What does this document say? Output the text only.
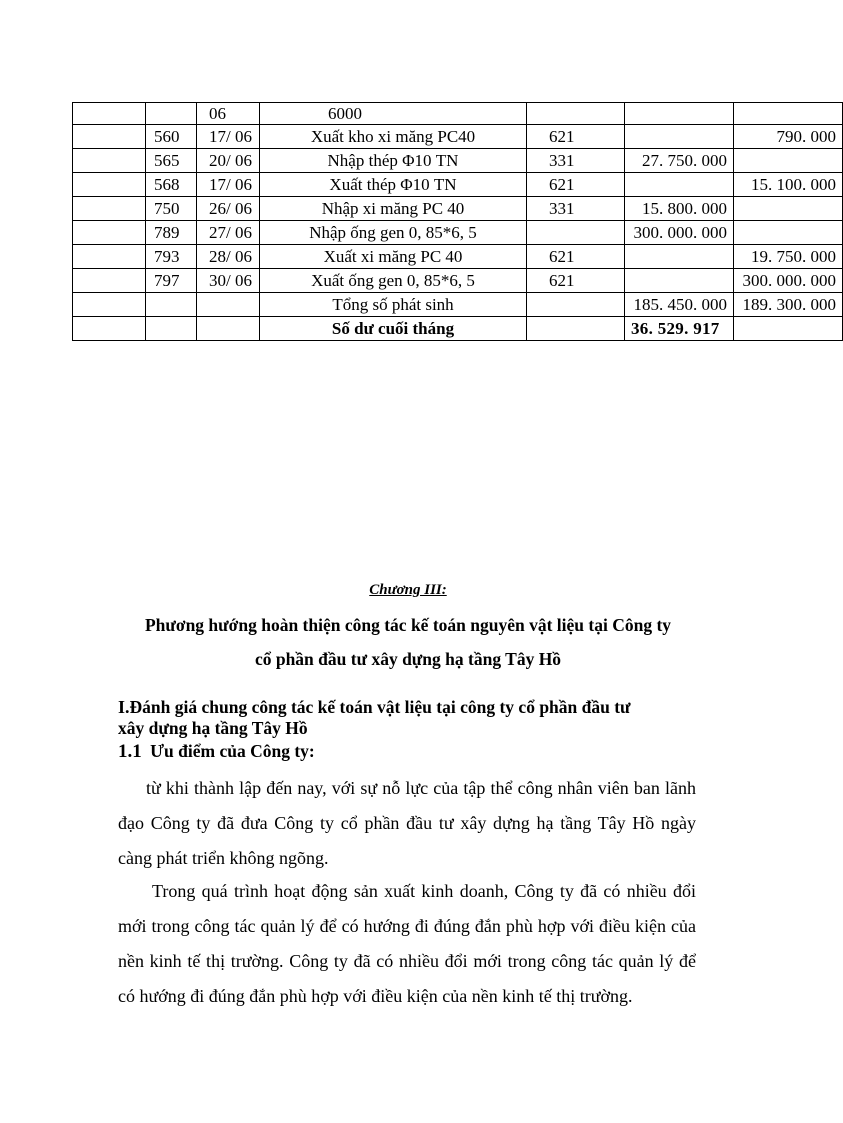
		06	6000			
	560	17/ 06	Xuất kho xi măng PC40	621		790. 000
	565	20/ 06	Nhập thép Φ10 TN	331	27. 750. 000	
	568	17/ 06	Xuất thép Φ10 TN	621		15. 100. 000
	750	26/ 06	Nhập xi măng PC 40	331	15. 800. 000	
	789	27/ 06	Nhập ống gen 0, 85*6, 5		300. 000. 000	
	793	28/ 06	Xuất xi măng PC 40	621		19. 750. 000
	797	30/ 06	Xuất ống gen 0, 85*6, 5	621		300. 000. 000
			Tổng số phát sinh		185. 450. 000	189. 300. 000
			Số dư cuối tháng		36. 529. 917	
Chương III:
Phương hướng hoàn thiện công tác kế toán nguyên vật liệu tại Công ty
cổ phần đầu tư xây dựng hạ tầng Tây Hồ
I.Đánh giá chung công tác kế toán vật liệu tại công ty cổ phần đầu tư
xây dựng hạ tầng Tây Hồ
1.1 Ưu điểm của Công ty:
từ khi thành lập đến nay, với sự nỗ lực của tập thể công nhân viên ban lãnh đạo Công ty đã đưa Công ty cổ phần đầu tư xây dựng hạ tầng Tây Hồ ngày càng phát triển không ngõng.
Trong quá trình hoạt động sản xuất kinh doanh, Công ty đã có nhiều đổi mới trong công tác quản lý để có hướng đi đúng đắn phù hợp với điều kiện của nền kinh tế thị trường. Công ty đã có nhiều đổi mới trong công tác quản lý để có hướng đi đúng đắn phù hợp với điều kiện của nền kinh tế thị trường.
